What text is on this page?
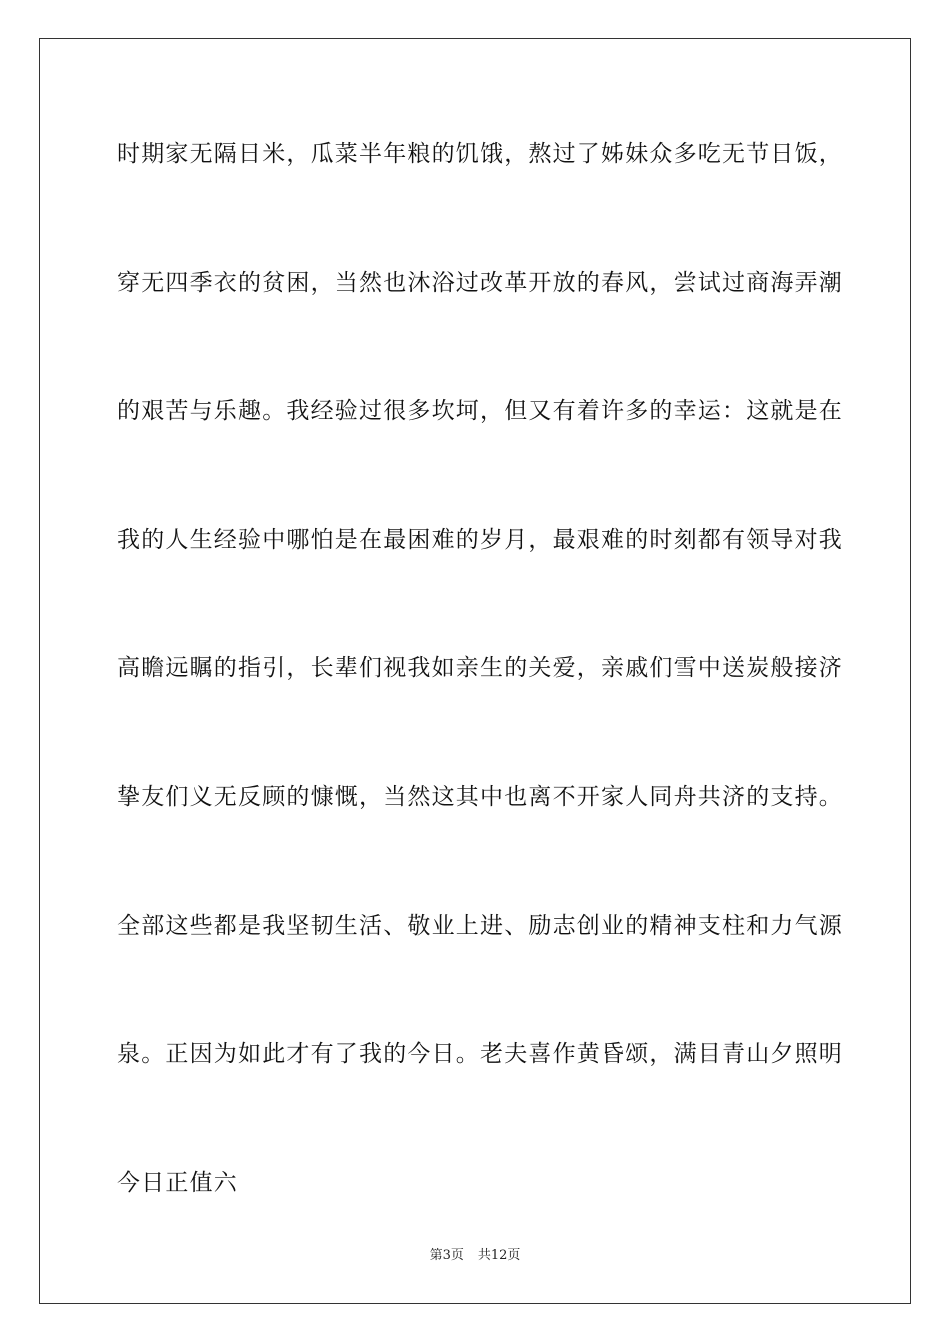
时期家无隔日米，瓜菜半年粮的饥饿，熬过了姊妹众多吃无节日饭，
穿无四季衣的贫困，当然也沐浴过改革开放的春风，尝试过商海弄潮
的艰苦与乐趣。我经验过很多坎坷，但又有着许多的幸运：这就是在
我的人生经验中哪怕是在最困难的岁月，最艰难的时刻都有领导对我
高瞻远瞩的指引，长辈们视我如亲生的关爱，亲戚们雪中送炭般接济
挚友们义无反顾的慷慨，当然这其中也离不开家人同舟共济的支持。
全部这些都是我坚韧生活、敬业上进、励志创业的精神支柱和力气源
泉。正因为如此才有了我的今日。老夫喜作黄昏颂，满目青山夕照明
今日正值六
第3页 共12页
